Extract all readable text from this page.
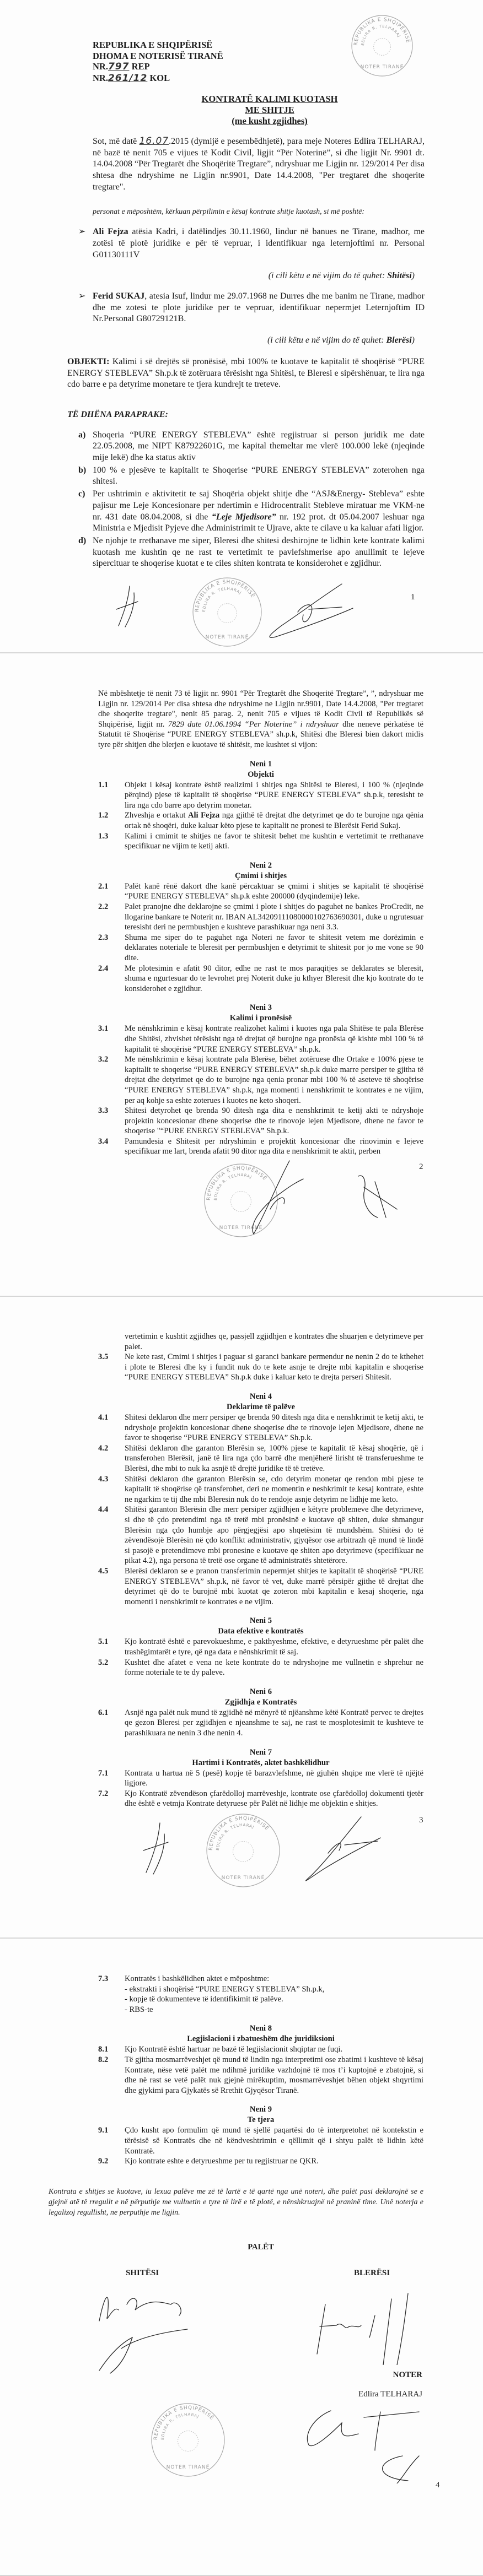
REPUBLIKA E SHQIPËRISË
EDLIRA R. TELHARAJ
NOTER TIRANË
REPUBLIKA E SHQIPËRISË
DHOMA E NOTERISË TIRANË
NR.797 REP
NR.261/12 KOL
KONTRATË KALIMI KUOTASH
ME SHITJE
(me kusht zgjidhes)

Sot, më datë 16.07.2015 (dymijë e pesembëdhjetë), para meje Noteres Edlira TELHARAJ, në bazë të nenit 705 e vijues të Kodit Civil, ligjit “Për Noterinë”, si dhe ligjit Nr. 9901 dt. 14.04.2008 “Për Tregtarët dhe Shoqëritë Tregtare”, ndryshuar me Ligjin nr. 129/2014 Per disa shtesa dhe ndryshime ne Ligjin nr.9901, Date 14.4.2008, "Per tregtaret dhe shoqerite tregtare".

personat e mëposhtëm, kërkuan përpilimin e kësaj kontrate shitje kuotash, si më poshtë:

➢ Ali Fejza atësia Kadri, i datëlindjes 30.11.1960, lindur në banues ne Tirane, madhor, me zotësi të plotë juridike e për të vepruar, i identifikuar nga leternjoftimi nr. Personal G01130111V
(i cili këtu e në vijim do të quhet: Shitësi)
➢ Ferid SUKAJ, atesia Isuf, lindur me 29.07.1968 ne Durres dhe me banim ne Tirane, madhor dhe me zotesi te plote juridike per te vepruar, identifikuar nepermjet Leternjoftim ID Nr.Personal G80729121B.
(i cili këtu e në vijim do të quhet: Blerësi)
OBJEKTI: Kalimi i së drejtës së pronësisë, mbi 100% te kuotave te kapitalit të shoqërisë “PURE ENERGY STEBLEVA” Sh.p.k të zotëruara tërësisht nga Shitësi, te Bleresi e sipërshënuar, te lira nga cdo barre e pa detyrime monetare te tjera kundrejt te treteve.
TË DHËNA PARAPRAKE:
a) Shoqeria “PURE ENERGY STEBLEVA” është regjistruar si person juridik me date 22.05.2008, me NIPT K87922601G, me kapital themeltar me vlerë 100.000 lekë (njeqinde mije lekë) dhe ka status aktiv
b) 100 % e pjesëve te kapitalit te Shoqerise “PURE ENERGY STEBLEVA” zoterohen nga shitesi.
c) Per ushtrimin e aktivitetit te saj Shoqëria objekt shitje dhe “ASJ&Energy- Stebleva” eshte pajisur me Leje Koncesionare per ndertimin e Hidrocentralit Stebleve miratuar me VKM-ne nr. 431 date 08.04.2008, si dhe “Leje Mjedisore” nr. 192 prot. dt 05.04.2007 leshuar nga Ministria e Mjedisit Pyjeve dhe Administrimit te Ujrave, akte te cilave u ka kaluar afati ligjor.
d) Ne njohje te rrethanave me siper, Bleresi dhe shitesi deshirojne te lidhin kete kontrate kalimi kuotash me kushtin qe ne rast te vertetimit te pavlefshmerise apo anullimit te lejeve sipercituar te shoqerise kuotat e te ciles shiten kontrata te konsiderohet e zgjidhur.
REPUBLIKA E SHQIPËRISË
EDLIRA R. TELHARAJ
NOTER TIRANË
1

Në mbështetje të nenit 73 të ligjit nr. 9901 “Për Tregtarët dhe Shoqeritë Tregtare”, ”, ndryshuar me Ligjin nr. 129/2014 Per disa shtesa dhe ndryshime ne Ligjin nr.9901, Date 14.4.2008, "Per tregtaret dhe shoqerite tregtare", nenit 85 parag. 2, nenit 705 e vijues të Kodit Civil të Republikës së Shqipërisë, ligjit nr. 7829 date 01.06.1994 “Per Noterine” i ndryshuar dhe neneve përkatëse të Statutit të Shoqërise “PURE ENERGY STEBLEVA” sh.p.k, Shitësi dhe Bleresi bien dakort midis tyre për shitjen dhe blerjen e kuotave të shitësit, me kushtet si vijon:

Neni 1
Objekti
1.1	Objekt i kësaj kontrate është realizimi i shitjes nga Shitësi te Bleresi, i 100 % (njeqinde përqind) pjese të kapitalit të shoqërise “PURE ENERGY STEBLEVA” sh.p.k, teresisht te lira nga cdo barre apo detyrim monetar.
1.2	Zhveshja e ortakut Ali Fejza nga gjithë të drejtat dhe detyrimet qe do te burojne nga qënia ortak në shoqëri, duke kaluar këto pjese te kapitalit ne pronesi te Blerësit Ferid Sukaj.
1.3	Kalimi i cmimit te shitjes ne favor te shitesit behet me kushtin e vertetimit te rrethanave specifikuar ne vijim te ketij akti.
Neni 2
Çmimi i shitjes
2.1	Palët kanë rënë dakort dhe kanë përcaktuar se çmimi i shitjes se kapitalit të shoqërisë “PURE ENERGY STEBLEVA” sh.p.k eshte 200000 (dyqindemije) leke.
2.2	Palet pranojne dhe deklarojne se çmimi i plote i shitjes do paguhet ne bankes ProCredit, ne llogarine bankare te Noterit nr. IBAN AL34209111080000102763690301, duke u ngrutesuar teresisht deri ne permbushjen e kushteve parashikuar nga neni 3.3.
2.3	Shuma me siper do te paguhet nga Noteri ne favor te shitesit vetem me dorëzimin e deklarates noteriale te bleresit per permbushjen e detyrimit te shitesit por jo me vone se 90 dite.
2.4	Me plotesimin e afatit 90 ditor, edhe ne rast te mos paraqitjes se deklarates se bleresit, shuma e ngurtesuar do te levrohet prej Noterit duke ju kthyer Bleresit dhe kjo kontrate do te konsiderohet e zgjidhur.
Neni 3
Kalimi i pronësisë
3.1	Me nënshkrimin e kësaj kontrate realizohet kalimi i kuotes nga pala Shitëse te pala Blerëse dhe Shitësi, zhvishet tërësisht nga të drejtat që burojne nga pronësia që kishte mbi 100 % të kapitalit të shoqërisë “PURE ENERGY STEBLEVA” sh.p.k.
3.2	Me nënshkrimin e kësaj kontrate pala Blerëse, bëhet zotëruese dhe Ortake e 100% pjese te kapitalit te shoqerise “PURE ENERGY STEBLEVA” sh.p.k duke marre persiper te gjitha të drejtat dhe detyrimet qe do te burojne nga qenia pronar mbi 100 % të aseteve të shoqërise “PURE ENERGY STEBLEVA” sh.p.k, nga momenti i nenshkrimit te kontrates e ne vijim, per aq kohje sa eshte zoterues i kuotes ne keto shoqeri.
3.3	Shitesi detyrohet qe brenda 90 ditesh nga dita e nenshkrimit te ketij akti te ndryshoje projektin koncesionar dhene shoqerise dhe te rinovoje lejen Mjedisore, dhene ne favor te shoqerise "“PURE ENERGY STEBLEVA” Sh.p.k.
3.4	Pamundesia e Shitesit per ndryshimin e projektit koncesionar dhe rinovimin e lejeve specifikuar me lart, brenda afatit 90 ditor nga dita e nenshkrimit te aktit, perben
REPUBLIKA E SHQIPËRISË
EDLIRA R. TELHARAJ
NOTER TIRANË
2
vertetimin e kushtit zgjidhes qe, passjell zgjidhjen e kontrates dhe shuarjen e detyrimeve per palet.
3.5	Ne kete rast, Cmimi i shitjes i paguar si garanci bankare permendur ne nenin 2 do te kthehet i plote te Bleresi dhe ky i fundit nuk do te kete asnje te drejte mbi kapitalin e shoqerise “PURE ENERGY STEBLEVA” Sh.p.k duke i kaluar keto te drejta perseri Shitesit.
Neni 4
Deklarime të palëve
4.1	Shitesi deklaron dhe merr persiper qe brenda 90 ditesh nga dita e nenshkrimit te ketij akti, te ndryshoje projektin koncesionar dhene shoqerise dhe te rinovoje lejen Mjedisore, dhene ne favor te shoqerise “PURE ENERGY STEBLEVA” Sh.p.k.
4.2	Shitësi deklaron dhe garanton Blerësin se, 100% pjese te kapitalit të kësaj shoqërie, që i transferohen Blerësit, janë të lira nga çdo barrë dhe menjëherë lirisht të transferueshme te Blerësi, dhe mbi to nuk ka asnjë të drejtë juridike të të tretëve.
4.3	Shitësi deklaron dhe garanton Blerësin se, cdo detyrim monetar qe rendon mbi pjese te kapitalit të shoqërise që transferohet, deri ne momentin e neshkrimit te kesaj kontrate, eshte ne ngarkim te tij dhe mbi Bleresin nuk do te rendoje asnje detyrim ne lidhje me keto.
4.4	Shitësi garanton Blerësin dhe merr persiper zgjidhjen e këtyre problemeve dhe detyrimeve, si dhe të çdo pretendimi nga të tretë mbi pronësinë e kuotave që shiten, duke shmangur Blerësin nga çdo humbje apo përgjegjësi apo shqetësim të mundshëm. Shitësi do të zëvendësojë Blerësin në çdo konflikt administrativ, gjyqësor ose arbitrazh që mund të lindë si pasojë e pretendimeve mbi pronesine e kuotave qe shiten apo detyrimeve (specifikuar ne pikat 4.2), nga persona të tretë ose organe të administratës shtetërore.
4.5	Blerësi deklaron se e pranon transferimin nepermjet shitjes te kapitalit të shoqërisë “PURE ENERGY STEBLEVA” sh.p.k, në favor të vet, duke marrë përsipër gjithe të drejtat dhe detyrimet që do te burojnë mbi kuotat qe zoteron mbi kapitalin e kesaj shoqerie, nga momenti i nenshkrimit te kontrates e ne vijim.
Neni 5
Data efektive e kontratës
5.1	Kjo kontratë është e parevokueshme, e pakthyeshme, efektive, e detyrueshme për palët dhe trashëgimtarët e tyre, që nga data e nënshkrimit të saj.
5.2	Kushtet dhe afatet e vena ne kete kontrate do te ndryshojne me vullnetin e shprehur ne forme noteriale te te dy paleve.
Neni 6
Zgjidhja e Kontratës
6.1	Asnjë nga palët nuk mund të zgjidhë në mënyrë të njëanshme këtë Kontratë pervec te drejtes qe gezon Bleresi per zgjidhjen e njeanshme te saj, ne rast te mosplotesimit te kushteve te parashikuara ne nenin 3 dhe nenin 4.
Neni 7
Hartimi i Kontratës, aktet bashkëlidhur
7.1	Kontrata u hartua në 5 (pesë) kopje të barazvlefshme, në gjuhën shqipe me vlerë të njëjtë ligjore.
7.2	Kjo Kontratë zëvendëson çfarëdolloj marrëveshje, kontrate ose çfarëdolloj dokumenti tjetër dhe është e vetmja Kontrate detyruese për Palët në lidhje me objektin e shitjes.
REPUBLIKA E SHQIPËRISË
EDLIRA R. TELHARAJ
NOTER TIRANË
3
7.3	Kontratës i bashkëlidhen aktet e mëposhtme:
- ekstrakti i shoqërisë “PURE ENERGY STEBLEVA” Sh.p.k,
- kopje të dokumenteve të identifikimit të palëve.
- RBS-te
Neni 8
Legjislacioni i zbatueshëm dhe juridiksioni
8.1	Kjo Kontratë është hartuar ne bazë të legjislacionit shqiptar ne fuqi.
8.2	Të gjitha mosmarrëveshjet që mund të lindin nga interpretimi ose zbatimi i kushteve të kësaj Kontrate, nëse vetë palët me ndihmë juridike vazhdojnë të mos t’i kuptojnë e zbatojnë, si dhe në rast se vetë palët nuk gjejnë mirëkuptim, mosmarrëveshjet bëhen objekt shqyrtimi dhe gjykimi para Gjykatës së Rrethit Gjyqësor Tiranë.
Neni 9
Te tjera
9.1	Çdo kusht apo formulim që mund të sjellë paqartësi do të interpretohet në kontekstin e tërësisë së Kontratës dhe në këndveshtrimin e qëllimit që i shtyu palët të lidhin këtë Kontratë.
9.2	Kjo kontrate eshte e detyrueshme per tu regjistruar ne QKR.

Kontrata e shitjes se kuotave, iu lexua palëve me zë të lartë e të qartë nga unë noteri, dhe palët pasi deklarojnë se e gjejnë atë të rregullt e në përputhje me vullnetin e tyre të lirë e të plotë, e nënshkruajnë në praninë time. Unë noterja e legalizoj regullisht, ne perputhje me ligjin.

PALËT
SHITËSI	BLERËSI
NOTER
Edlira TELHARAJ
REPUBLIKA E SHQIPËRISË
EDLIRA R. TELHARAJ
NOTER TIRANË
4
